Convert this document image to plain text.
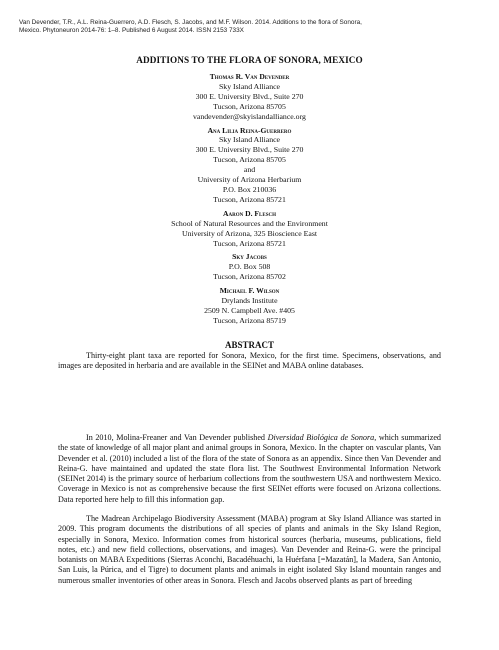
Van Devender, T.R., A.L. Reina-Guerrero, A.D. Flesch, S. Jacobs, and M.F. Wilson. 2014. Additions to the flora of Sonora,
Mexico. Phytoneuron 2014-76: 1–8. Published 6 August 2014. ISSN 2153 733X
ADDITIONS TO THE FLORA OF SONORA, MEXICO
Thomas R. Van Devender
Sky Island Alliance
300 E. University Blvd., Suite 270
Tucson, Arizona 85705
vandevender@skyislandalliance.org
Ana Lilia Reina-Guerrero
Sky Island Alliance
300 E. University Blvd., Suite 270
Tucson, Arizona 85705
and
University of Arizona Herbarium
P.O. Box 210036
Tucson, Arizona 85721
Aaron D. Flesch
School of Natural Resources and the Environment
University of Arizona, 325 Bioscience East
Tucson, Arizona 85721
Sky Jacobs
P.O. Box 508
Tucson, Arizona 85702
Michael F. Wilson
Drylands Institute
2509 N. Campbell Ave. #405
Tucson, Arizona 85719
ABSTRACT

Thirty-eight plant taxa are reported for Sonora, Mexico, for the first time. Specimens, observations, and images are deposited in herbaria and are available in the SEINet and MABA online databases.

In 2010, Molina-Freaner and Van Devender published Diversidad Biológica de Sonora, which summarized the state of knowledge of all major plant and animal groups in Sonora, Mexico. In the chapter on vascular plants, Van Devender et al. (2010) included a list of the flora of the state of Sonora as an appendix. Since then Van Devender and Reina-G. have maintained and updated the state flora list. The Southwest Environmental Information Network (SEINet 2014) is the primary source of herbarium collections from the southwestern USA and northwestern Mexico. Coverage in Mexico is not as comprehensive because the first SEINet efforts were focused on Arizona collections. Data reported here help to fill this information gap.

The Madrean Archipelago Biodiversity Assessment (MABA) program at Sky Island Alliance was started in 2009. This program documents the distributions of all species of plants and animals in the Sky Island Region, especially in Sonora, Mexico. Information comes from historical sources (herbaria, museums, publications, field notes, etc.) and new field collections, observations, and images). Van Devender and Reina-G. were the principal botanists on MABA Expeditions (Sierras Aconchi, Bacadéhuachi, la Huérfana [=Mazatán], la Madera, San Antonio, San Luis, la Púrica, and el Tigre) to document plants and animals in eight isolated Sky Island mountain ranges and numerous smaller inventories of other areas in Sonora. Flesch and Jacobs observed plants as part of breeding
